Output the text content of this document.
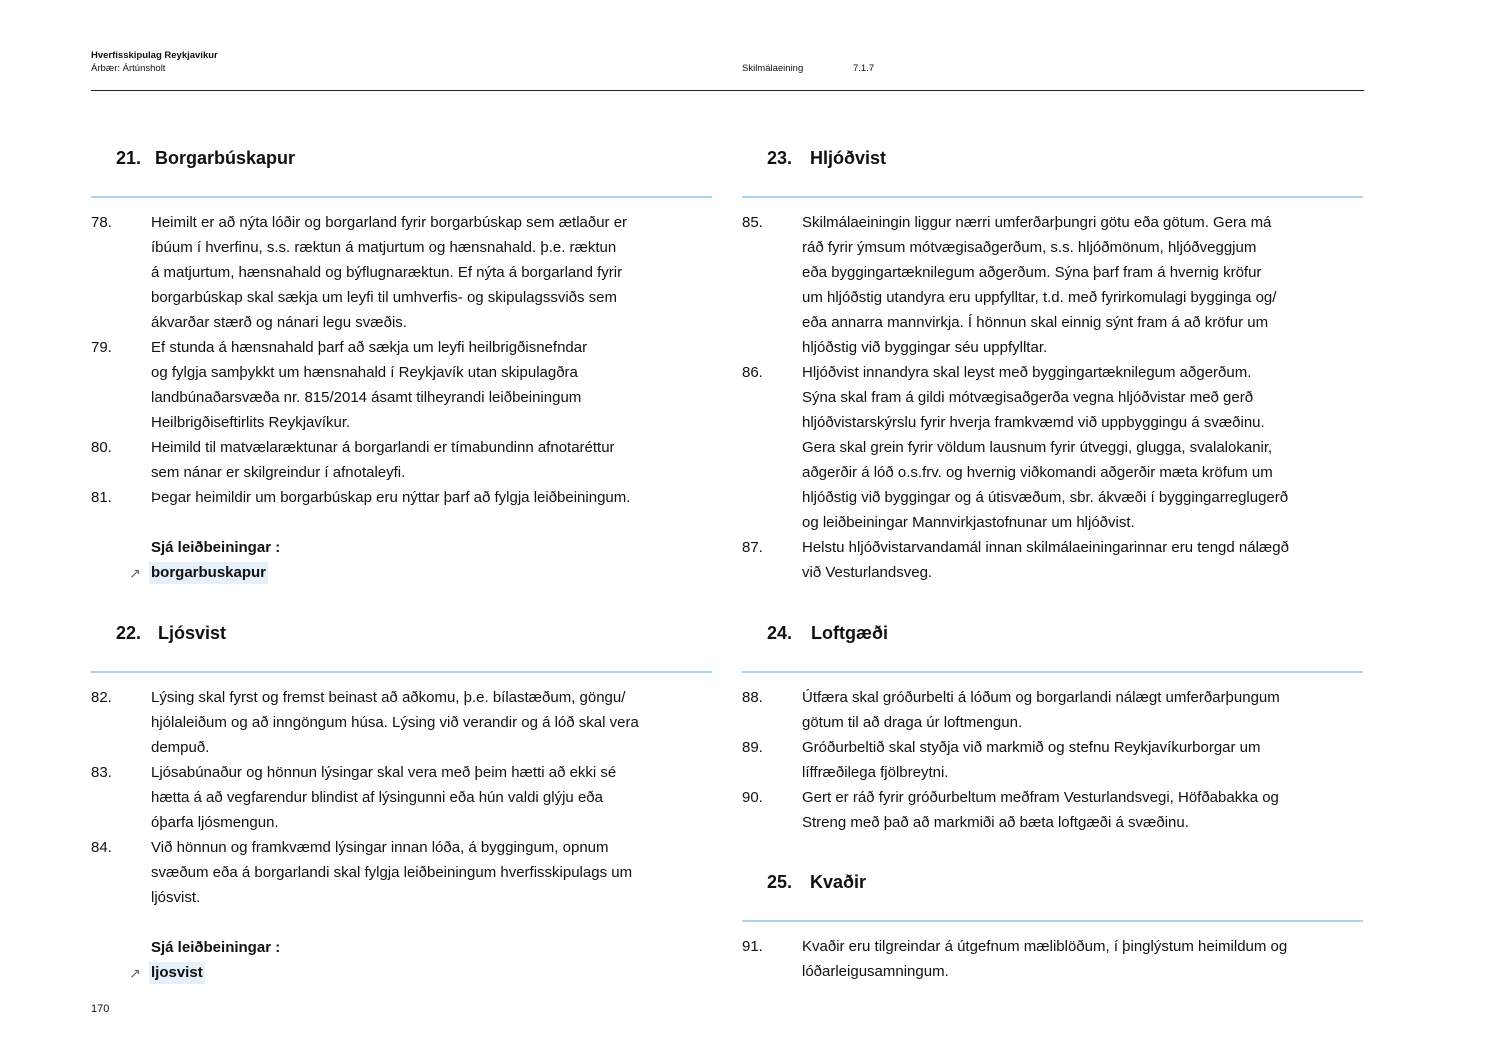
Hverfisskipulag Reykjavíkur
Árbær: Ártúnsholt	Skilmálaeining	7.1.7
21. Borgarbúskapur
78.	Heimilt er að nýta lóðir og borgarland fyrir borgarbúskap sem ætlaður er
íbúum í hverfinu, s.s. ræktun á matjurtum og hænsnahald. þ.e. ræktun
á matjurtum, hænsnahald og býflugnaræktun. Ef nýta á borgarland fyrir
borgarbúskap skal sækja um leyfi til umhverfis- og skipulagssviðs sem
ákvarðar stærð og nánari legu svæðis.
79.	Ef stunda á hænsnahald þarf að sækja um leyfi heilbrigðisnefndar
og fylgja samþykkt um hænsnahald í Reykjavík utan skipulagðra
landbúnaðarsvæða nr. 815/2014 ásamt tilheyrandi leiðbeiningum
Heilbrigðiseftirlits Reykjavíkur.
80.	Heimild til matvælaræktunar á borgarlandi er tímabundinn afnotaréttur
sem nánar er skilgreindur í afnotaleyfi.
81.	Þegar heimildir um borgarbúskap eru nýttar þarf að fylgja leiðbeiningum.
Sjá leiðbeiningar :
↗ borgarbuskapur
22. Ljósvist
82.	Lýsing skal fyrst og fremst beinast að aðkomu, þ.e. bílastæðum, göngu/
hjólaleiðum og að inngöngum húsa. Lýsing við verandir og á lóð skal vera
dempuð.
83.	Ljósabúnaður og hönnun lýsingar skal vera með þeim hætti að ekki sé
hætta á að vegfarendur blindist af lýsingunni eða hún valdi glýju eða
óþarfa ljósmengun.
84.	Við hönnun og framkvæmd lýsingar innan lóða, á byggingum, opnum
svæðum eða á borgarlandi skal fylgja leiðbeiningum hverfisskipulags um
ljósvist.
Sjá leiðbeiningar :
↗ ljosvist
23. Hljóðvist
85.	Skilmálaeiningin liggur nærri umferðarþungri götu eða götum. Gera má
ráð fyrir ýmsum mótvægisaðgerðum, s.s. hljóðmönum, hljóðveggjum
eða byggingartæknilegum aðgerðum. Sýna þarf fram á hvernig kröfur
um hljóðstig utandyra eru uppfylltar, t.d. með fyrirkomulagi bygginga og/
eða annarra mannvirkja. Í hönnun skal einnig sýnt fram á að kröfur um
hljóðstig við byggingar séu uppfylltar.
86.	Hljóðvist innandyra skal leyst með byggingartæknilegum aðgerðum.
Sýna skal fram á gildi mótvægisaðgerða vegna hljóðvistar með gerð
hljóðvistarskýrslu fyrir hverja framkvæmd við uppbyggingu á svæðinu.
Gera skal grein fyrir völdum lausnum fyrir útveggi, glugga, svalalokanir,
aðgerðir á lóð o.s.frv. og hvernig viðkomandi aðgerðir mæta kröfum um
hljóðstig við byggingar og á útisvæðum, sbr. ákvæði í byggingarreglugerð
og leiðbeiningar Mannvirkjastofnunar um hljóðvist.
87.	Helstu hljóðvistarvandamál innan skilmálaeiningarinnar eru tengd nálægð
við Vesturlandsveg.
24. Loftgæði
88.	Útfæra skal gróðurbelti á lóðum og borgarlandi nálægt umferðarþungum
götum til að draga úr loftmengun.
89.	Gróðurbeltið skal styðja við markmið og stefnu Reykjavíkurborgar um
líffræðilega fjölbreytni.
90.	Gert er ráð fyrir gróðurbeltum meðfram Vesturlandsvegi, Höfðabakka og
Streng með það að markmiði að bæta loftgæði á svæðinu.
25. Kvaðir
91.	Kvaðir eru tilgreindar á útgefnum mæliblöðum, í þinglýstum heimildum og
lóðarleigusamningum.
170
